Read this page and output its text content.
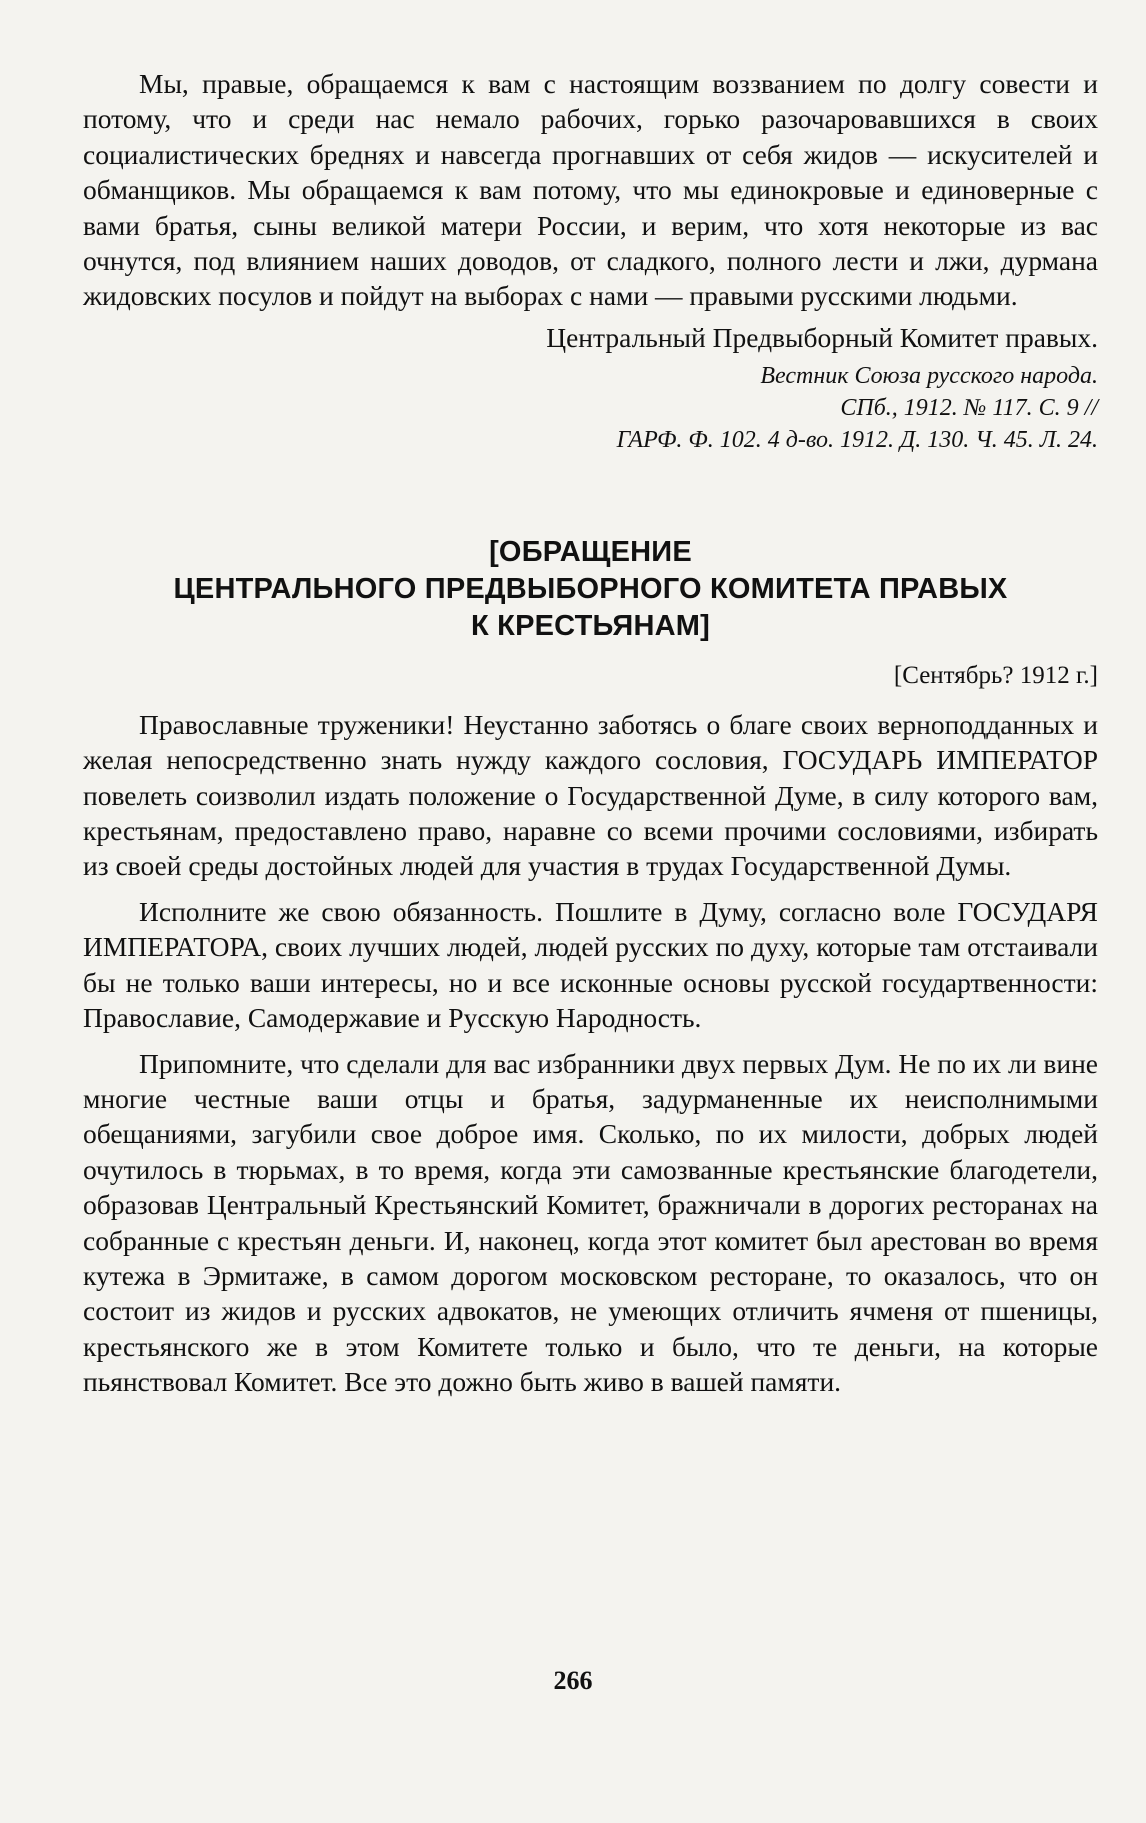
Мы, правые, обращаемся к вам с настоящим воззванием по долгу совести и потому, что и среди нас немало рабочих, горько разочаровавшихся в своих социалистических бреднях и навсегда прогнавших от себя жидов — искусителей и обманщиков. Мы обращаемся к вам потому, что мы единокровые и единоверные с вами братья, сыны великой матери России, и верим, что хотя некоторые из вас очнутся, под влиянием наших доводов, от сладкого, полного лести и лжи, дурмана жидовских посулов и пойдут на выборах с нами — правыми русскими людьми.

Центральный Предвыборный Комитет правых.
Вестник Союза русского народа.
СПб., 1912. № 117. С. 9 //
ГАРФ. Ф. 102. 4 д-во. 1912. Д. 130. Ч. 45. Л. 24.
[ОБРАЩЕНИЕ
ЦЕНТРАЛЬНОГО ПРЕДВЫБОРНОГО КОМИТЕТА ПРАВЫХ
К КРЕСТЬЯНАМ]
[Сентябрь? 1912 г.]

Православные труженики! Неустанно заботясь о благе своих верноподданных и желая непосредственно знать нужду каждого сословия, ГОСУДАРЬ ИМПЕРАТОР повелеть соизволил издать положение о Государственной Думе, в силу которого вам, крестьянам, предоставлено право, наравне со всеми прочими сословиями, избирать из своей среды достойных людей для участия в трудах Государственной Думы.

Исполните же свою обязанность. Пошлите в Думу, согласно воле ГОСУДАРЯ ИМПЕРАТОРА, своих лучших людей, людей русских по духу, которые там отстаивали бы не только ваши интересы, но и все исконные основы русской государтвенности: Православие, Самодержавие и Русскую Народность.

Припомните, что сделали для вас избранники двух первых Дум. Не по их ли вине многие честные ваши отцы и братья, задурманенные их неисполнимыми обещаниями, загубили свое доброе имя. Сколько, по их милости, добрых людей очутилось в тюрьмах, в то время, когда эти самозванные крестьянские благодетели, образовав Центральный Крестьянский Комитет, бражничали в дорогих ресторанах на собранные с крестьян деньги. И, наконец, когда этот комитет был арестован во время кутежа в Эрмитаже, в самом дорогом московском ресторане, то оказалось, что он состоит из жидов и русских адвокатов, не умеющих отличить ячменя от пшеницы, крестьянского же в этом Комитете только и было, что те деньги, на которые пьянствовал Комитет. Все это дожно быть живо в вашей памяти.

266
